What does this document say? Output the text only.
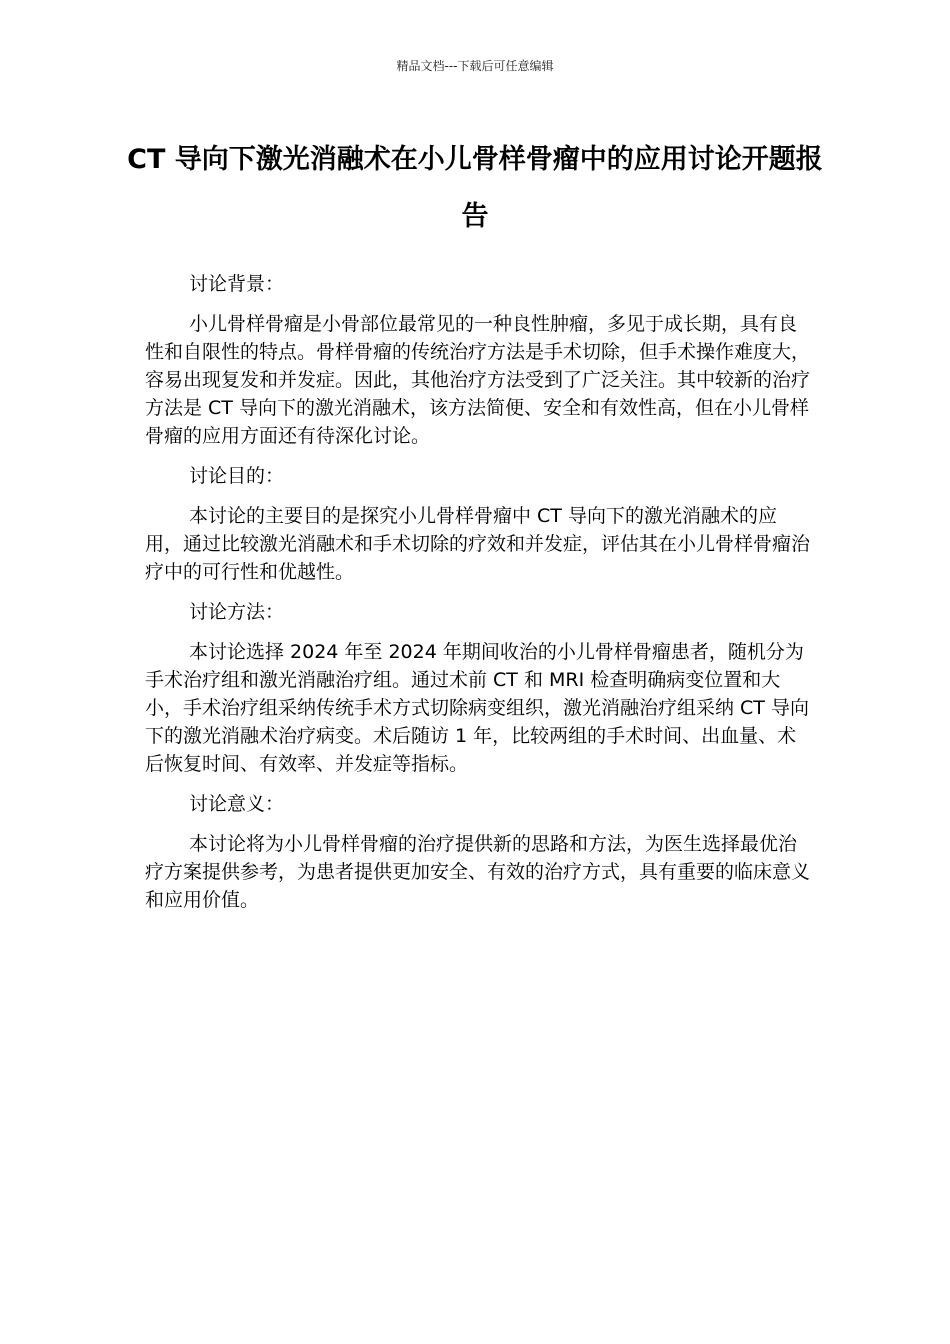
精品文档---下载后可任意编辑
CT 导向下激光消融术在小儿骨样骨瘤中的应用讨论开题报告

讨论背景：

小儿骨样骨瘤是小骨部位最常见的一种良性肿瘤，多见于成长期，具有良性和自限性的特点。骨样骨瘤的传统治疗方法是手术切除，但手术操作难度大，容易出现复发和并发症。因此，其他治疗方法受到了广泛关注。其中较新的治疗方法是 CT 导向下的激光消融术，该方法简便、安全和有效性高，但在小儿骨样骨瘤的应用方面还有待深化讨论。

讨论目的：

本讨论的主要目的是探究小儿骨样骨瘤中 CT 导向下的激光消融术的应用，通过比较激光消融术和手术切除的疗效和并发症，评估其在小儿骨样骨瘤治疗中的可行性和优越性。

讨论方法：

本讨论选择 2024 年至 2024 年期间收治的小儿骨样骨瘤患者，随机分为手术治疗组和激光消融治疗组。通过术前 CT 和 MRI 检查明确病变位置和大小，手术治疗组采纳传统手术方式切除病变组织，激光消融治疗组采纳 CT 导向下的激光消融术治疗病变。术后随访 1 年，比较两组的手术时间、出血量、术后恢复时间、有效率、并发症等指标。

讨论意义：

本讨论将为小儿骨样骨瘤的治疗提供新的思路和方法，为医生选择最优治疗方案提供参考，为患者提供更加安全、有效的治疗方式，具有重要的临床意义和应用价值。
